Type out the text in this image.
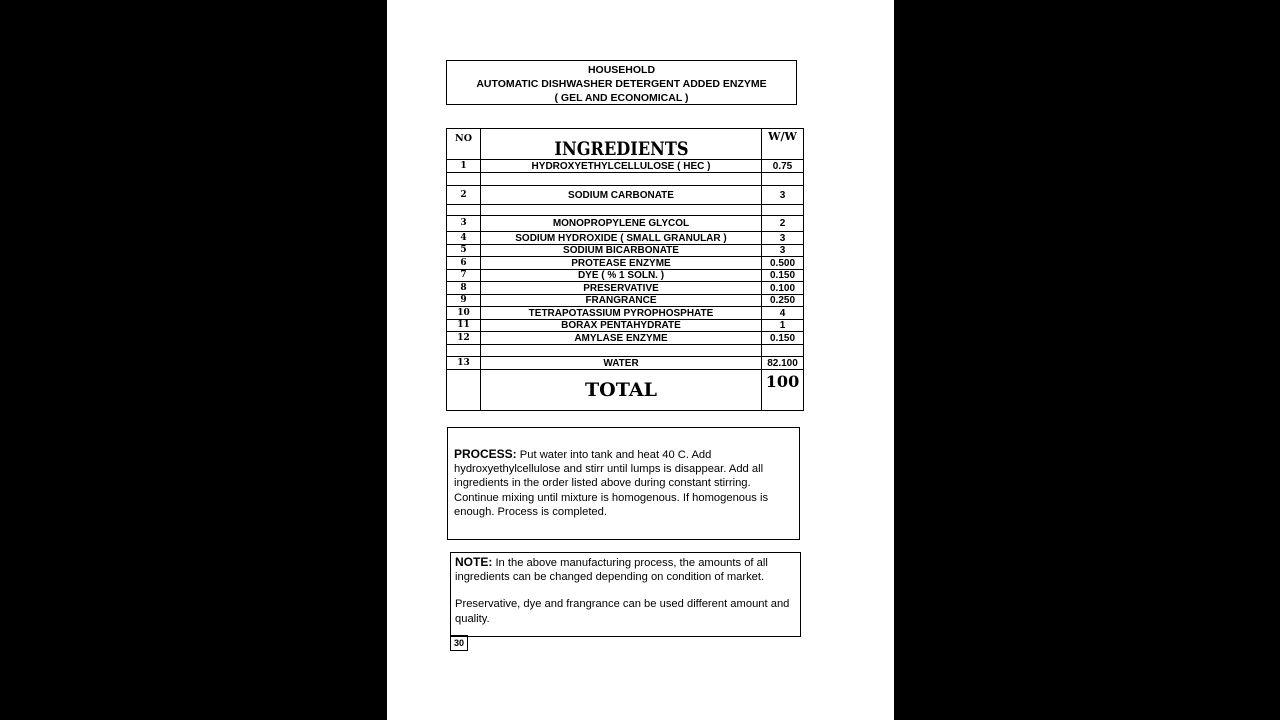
HOUSEHOLD
AUTOMATIC DISHWASHER DETERGENT ADDED ENZYME
( GEL AND ECONOMICAL )
NO	INGREDIENTS	W/W
1	HYDROXYETHYLCELLULOSE ( HEC )	0.75

2	SODIUM CARBONATE	3

3	MONOPROPYLENE GLYCOL	2
4	SODIUM HYDROXIDE ( SMALL GRANULAR )	3
5	SODIUM BICARBONATE	3
6	PROTEASE ENZYME	0.500
7	DYE ( % 1 SOLN. )	0.150
8	PRESERVATIVE	0.100
9	FRANGRANCE	0.250
10	TETRAPOTASSIUM PYROPHOSPHATE	4
11	BORAX PENTAHYDRATE	1
12	AMYLASE ENZYME	0.150

13	WATER	82.100
	TOTAL	100
PROCESS: Put water into tank and heat 40 C. Add hydroxyethylcellulose and stirr until lumps is disappear. Add all ingredients in the order listed above during constant stirring. Continue mixing until mixture is homogenous. If homogenous is enough. Process is completed.

NOTE: In the above manufacturing process, the amounts of all ingredients can be changed depending on condition of market.

Preservative, dye and frangrance can be used different amount and quality.

30
